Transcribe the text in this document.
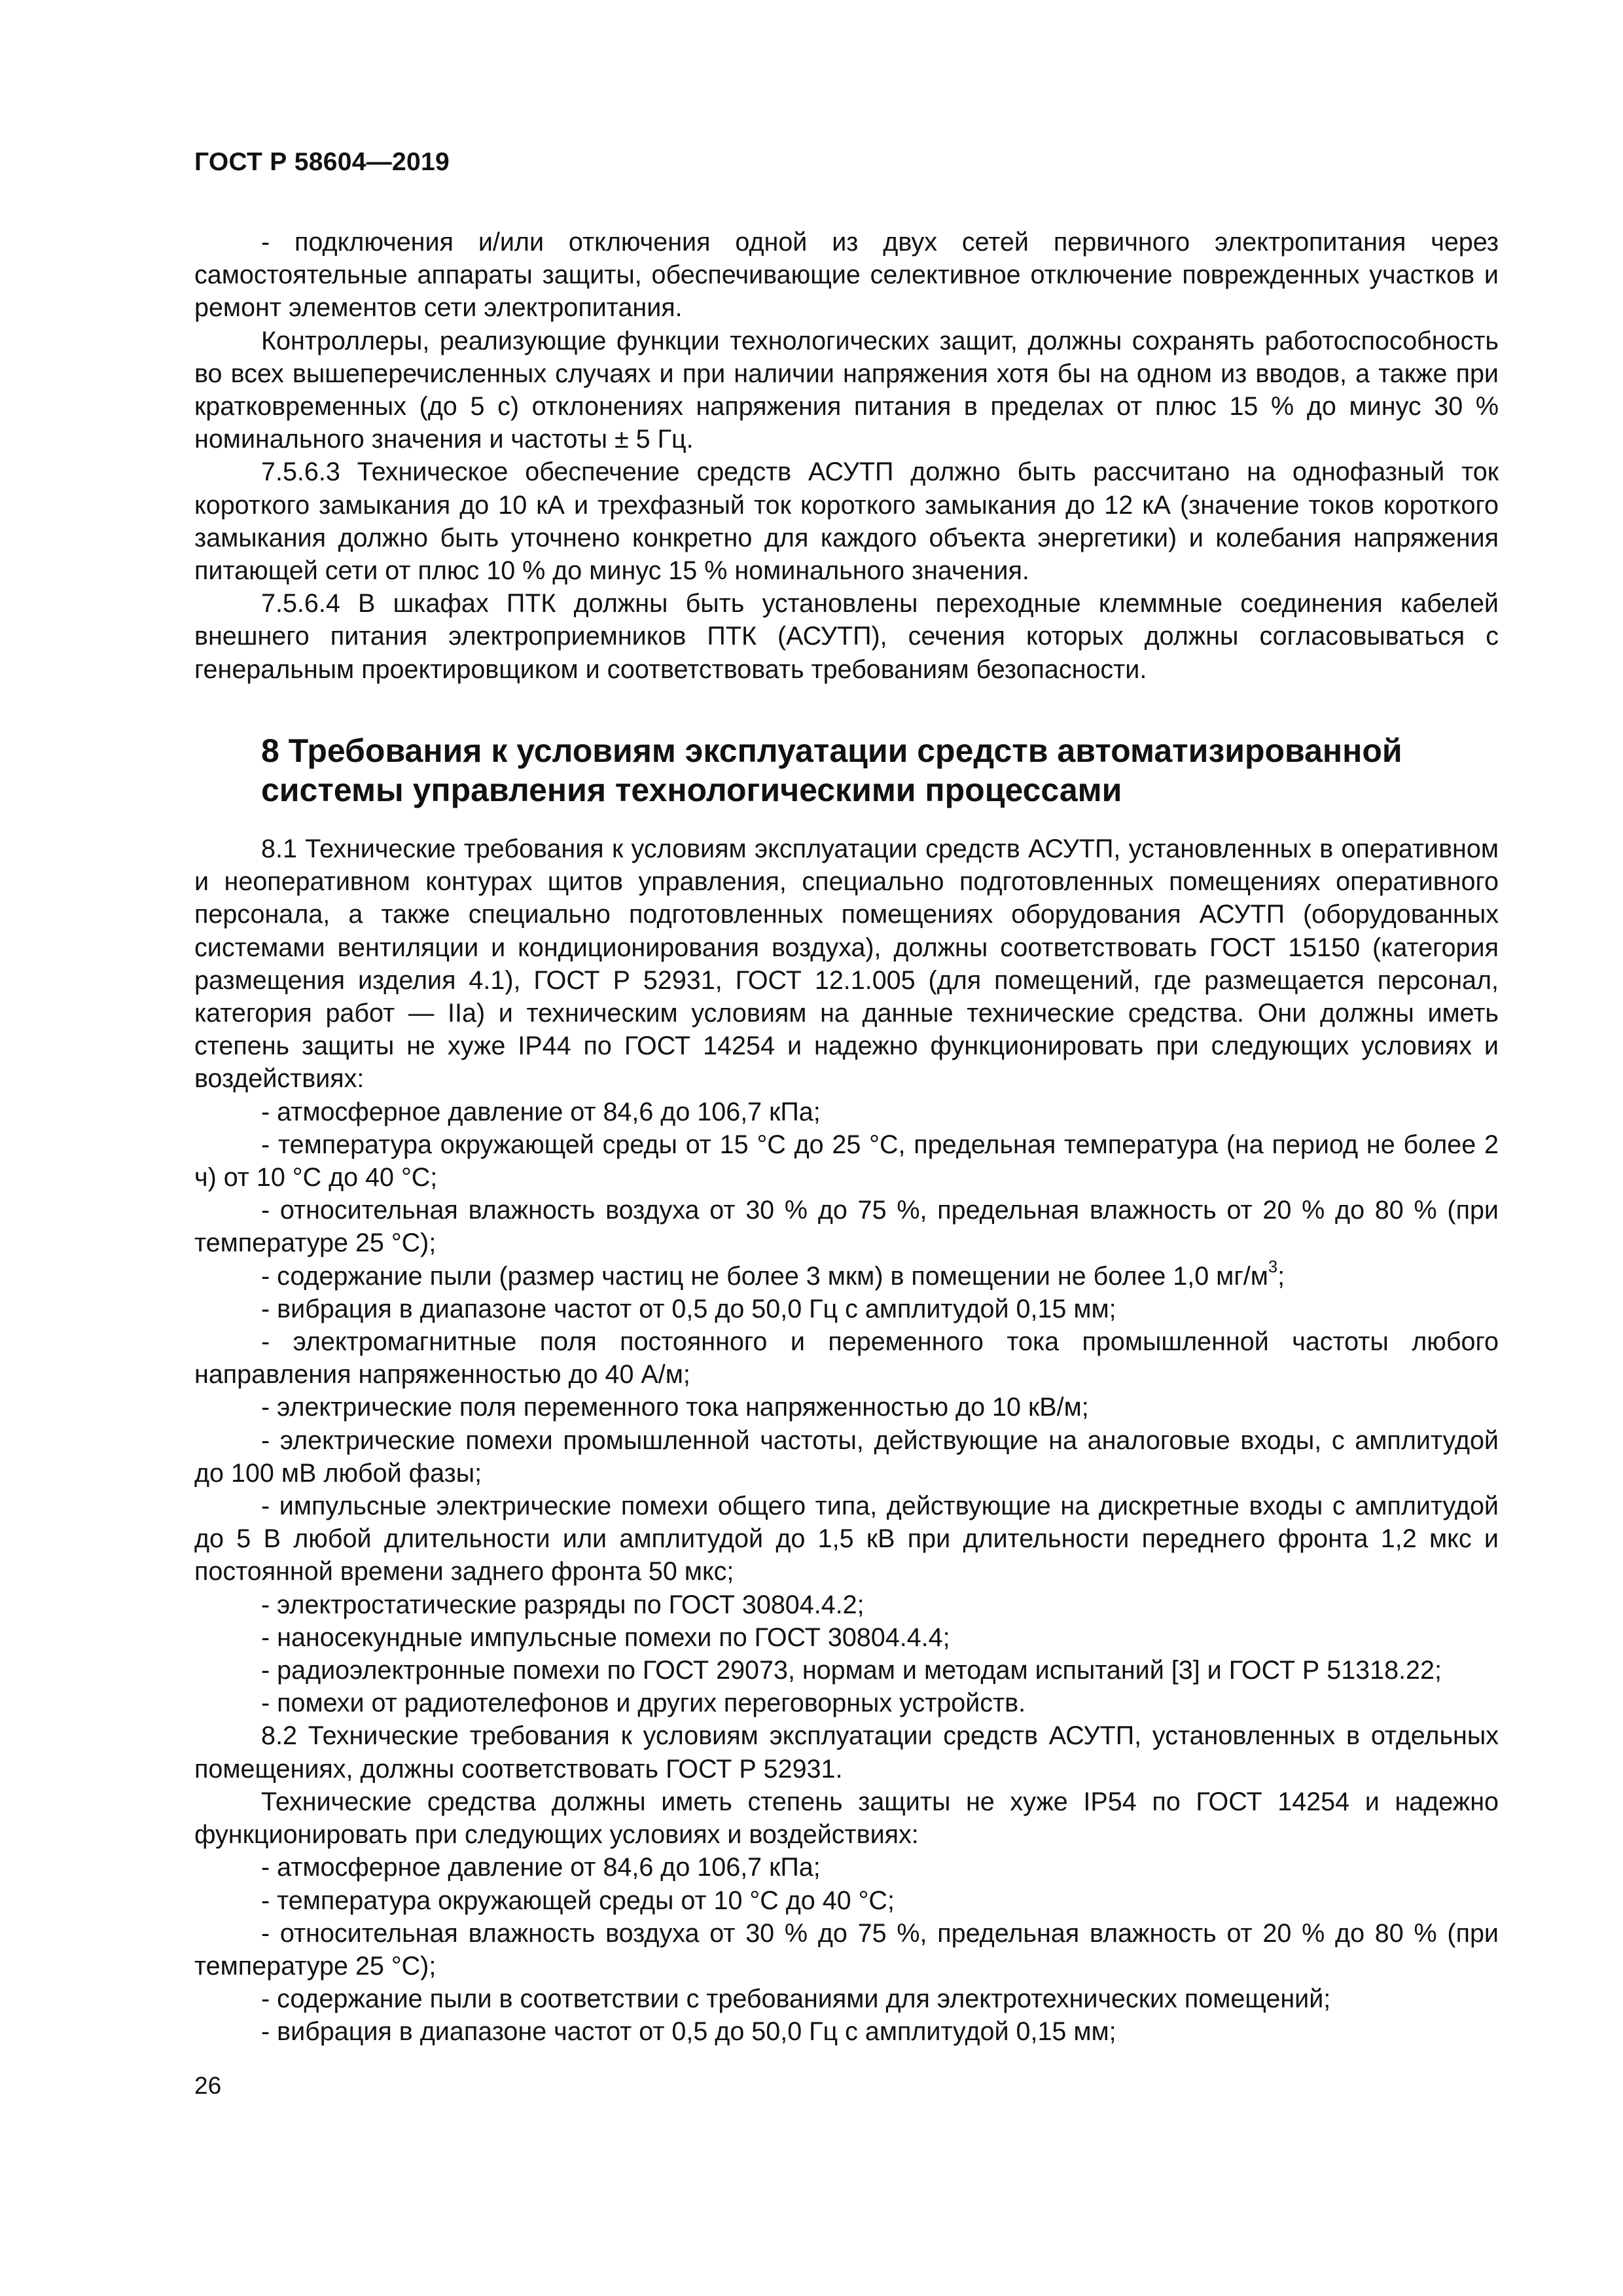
ГОСТ Р 58604—2019

- подключения и/или отключения одной из двух сетей первичного электропитания через самостоятельные аппараты защиты, обеспечивающие селективное отключение поврежденных участков и ремонт элементов сети электропитания.

Контроллеры, реализующие функции технологических защит, должны сохранять работоспособность во всех вышеперечисленных случаях и при наличии напряжения хотя бы на одном из вводов, а также при кратковременных (до 5 с) отклонениях напряжения питания в пределах от плюс 15 % до минус 30 % номинального значения и частоты ± 5 Гц.

7.5.6.3 Техническое обеспечение средств АСУТП должно быть рассчитано на однофазный ток короткого замыкания до 10 кА и трехфазный ток короткого замыкания до 12 кА (значение токов короткого замыкания должно быть уточнено конкретно для каждого объекта энергетики) и колебания напряжения питающей сети от плюс 10 % до минус 15 % номинального значения.

7.5.6.4 В шкафах ПТК должны быть установлены переходные клеммные соединения кабелей внешнего питания электроприемников ПТК (АСУТП), сечения которых должны согласовываться с генеральным проектировщиком и соответствовать требованиям безопасности.

8 Требования к условиям эксплуатации средств автоматизированной системы управления технологическими процессами

8.1 Технические требования к условиям эксплуатации средств АСУТП, установленных в оперативном и неоперативном контурах щитов управления, специально подготовленных помещениях оперативного персонала, а также специально подготовленных помещениях оборудования АСУТП (оборудованных системами вентиляции и кондиционирования воздуха), должны соответствовать ГОСТ 15150 (категория размещения изделия 4.1), ГОСТ Р 52931, ГОСТ 12.1.005 (для помещений, где размещается персонал, категория работ — IIa) и техническим условиям на данные технические средства. Они должны иметь степень защиты не хуже IP44 по ГОСТ 14254 и надежно функционировать при следующих условиях и воздействиях:

- атмосферное давление от 84,6 до 106,7 кПа;

- температура окружающей среды от 15 °С до 25 °С, предельная температура (на период не более 2 ч) от 10 °С до 40 °С;

- относительная влажность воздуха от 30 % до 75 %, предельная влажность от 20 % до 80 % (при температуре 25 °С);

- содержание пыли (размер частиц не более 3 мкм) в помещении не более 1,0 $мг/м^3$;

- вибрация в диапазоне частот от 0,5 до 50,0 Гц с амплитудой 0,15 мм;

- электромагнитные поля постоянного и переменного тока промышленной частоты любого направления напряженностью до 40 А/м;

- электрические поля переменного тока напряженностью до 10 кВ/м;

- электрические помехи промышленной частоты, действующие на аналоговые входы, с амплитудой до 100 мВ любой фазы;

- импульсные электрические помехи общего типа, действующие на дискретные входы с амплитудой до 5 В любой длительности или амплитудой до 1,5 кВ при длительности переднего фронта 1,2 мкс и постоянной времени заднего фронта 50 мкс;

- электростатические разряды по ГОСТ 30804.4.2;

- наносекундные импульсные помехи по ГОСТ 30804.4.4;

- радиоэлектронные помехи по ГОСТ 29073, нормам и методам испытаний [3] и ГОСТ Р 51318.22;

- помехи от радиотелефонов и других переговорных устройств.

8.2 Технические требования к условиям эксплуатации средств АСУТП, установленных в отдельных помещениях, должны соответствовать ГОСТ Р 52931.

Технические средства должны иметь степень защиты не хуже IP54 по ГОСТ 14254 и надежно функционировать при следующих условиях и воздействиях:

- атмосферное давление от 84,6 до 106,7 кПа;

- температура окружающей среды от 10 °С до 40 °С;

- относительная влажность воздуха от 30 % до 75 %, предельная влажность от 20 % до 80 % (при температуре 25 °С);

- содержание пыли в соответствии с требованиями для электротехнических помещений;

- вибрация в диапазоне частот от 0,5 до 50,0 Гц с амплитудой 0,15 мм;

26
